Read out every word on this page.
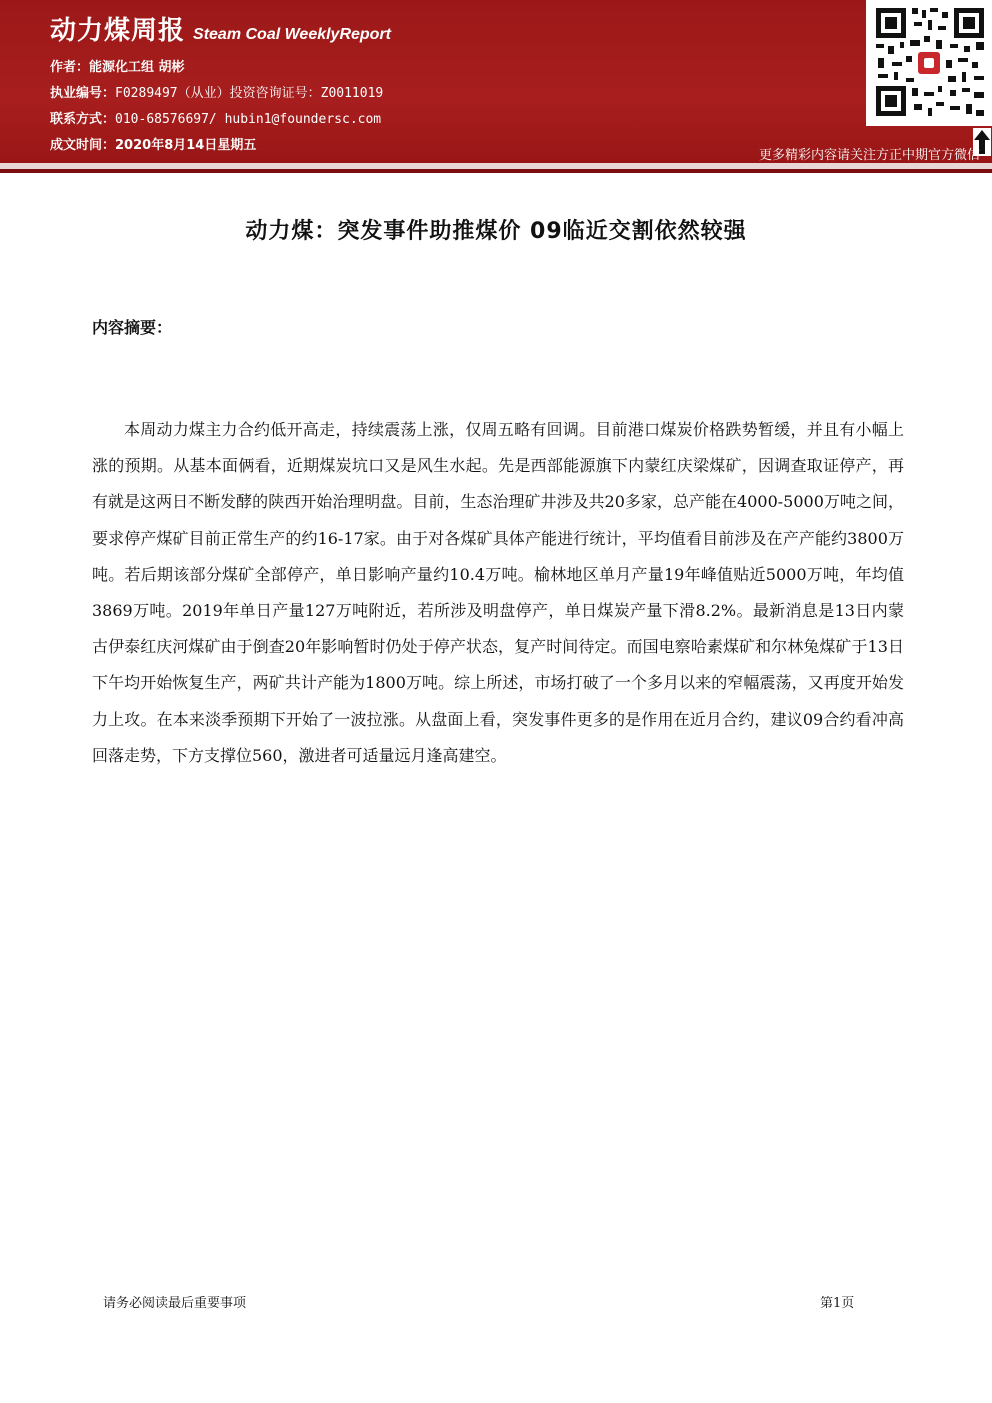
动力煤周报 Steam Coal WeeklyReport
作者：能源化工组 胡彬
执业编号：F0289497（从业）投资咨询证号：Z0011019
联系方式：010-68576697/ hubin1@foundersc.com
成文时间：2020年8月14日星期五
更多精彩内容请关注方正中期官方微信
动力煤：突发事件助推煤价 09临近交割依然较强
内容摘要：
本周动力煤主力合约低开高走，持续震荡上涨，仅周五略有回调。目前港口煤炭价格跌势暂缓，并且有小幅上涨的预期。从基本面俩看，近期煤炭坑口又是风生水起。先是西部能源旗下内蒙红庆梁煤矿，因调查取证停产，再有就是这两日不断发酵的陕西开始治理明盘。目前，生态治理矿井涉及共20多家，总产能在4000-5000万吨之间，要求停产煤矿目前正常生产的约16-17家。由于对各煤矿具体产能进行统计，平均值看目前涉及在产产能约3800万吨。若后期该部分煤矿全部停产，单日影响产量约10.4万吨。榆林地区单月产量19年峰值贴近5000万吨，年均值3869万吨。2019年单日产量127万吨附近，若所涉及明盘停产，单日煤炭产量下滑8.2%。最新消息是13日内蒙古伊泰红庆河煤矿由于倒查20年影响暂时仍处于停产状态，复产时间待定。而国电察哈素煤矿和尔林兔煤矿于13日下午均开始恢复生产，两矿共计产能为1800万吨。综上所述，市场打破了一个多月以来的窄幅震荡，又再度开始发力上攻。在本来淡季预期下开始了一波拉涨。从盘面上看，突发事件更多的是作用在近月合约，建议09合约看冲高回落走势，下方支撑位560，激进者可适量远月逢高建空。
请务必阅读最后重要事项	第1页
